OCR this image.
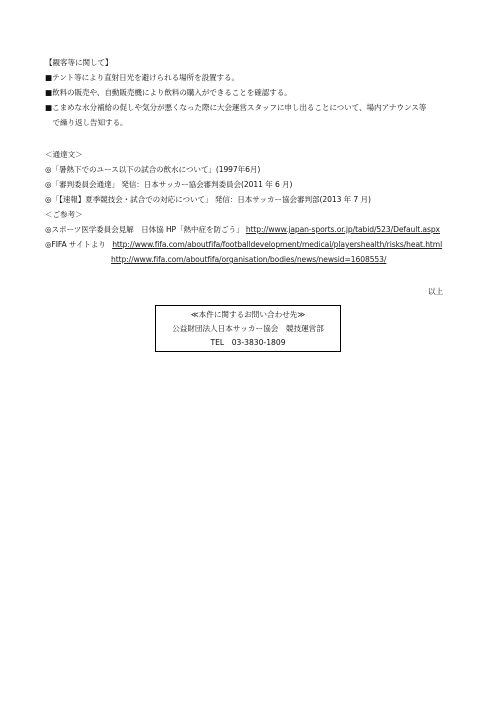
【観客等に関して】
■テント等により直射日光を避けられる場所を設置する。
■飲料の販売や、自動販売機により飲料の購入ができることを確認する。
■こまめな水分補給の促しや気分が悪くなった際に大会運営スタッフに申し出ることについて、場内アナウンス等
　で繰り返し告知する。
＜通達文＞
◎「暑熱下でのユース以下の試合の飲水について」(1997年6月)
◎「審判委員会通達」 発信：日本サッカー協会審判委員会(2011 年 6 月)
◎「【速報】夏季競技会・試合での対応について」 発信：日本サッカー協会審判部(2013 年 7 月)
＜ご参考＞
◎スポーツ医学委員会見解　日体協 HP「熱中症を防ごう」 http://www.japan-sports.or.jp/tabid/523/Default.aspx
◎FIFA サイトより http://www.fifa.com/aboutfifa/footballdevelopment/medical/playershealth/risks/heat.html
http://www.fifa.com/aboutfifa/organisation/bodies/news/newsid=1608553/
以上
≪本件に関するお問い合わせ先≫
公益財団法人日本サッカー協会　競技運営部
TEL　03-3830-1809
